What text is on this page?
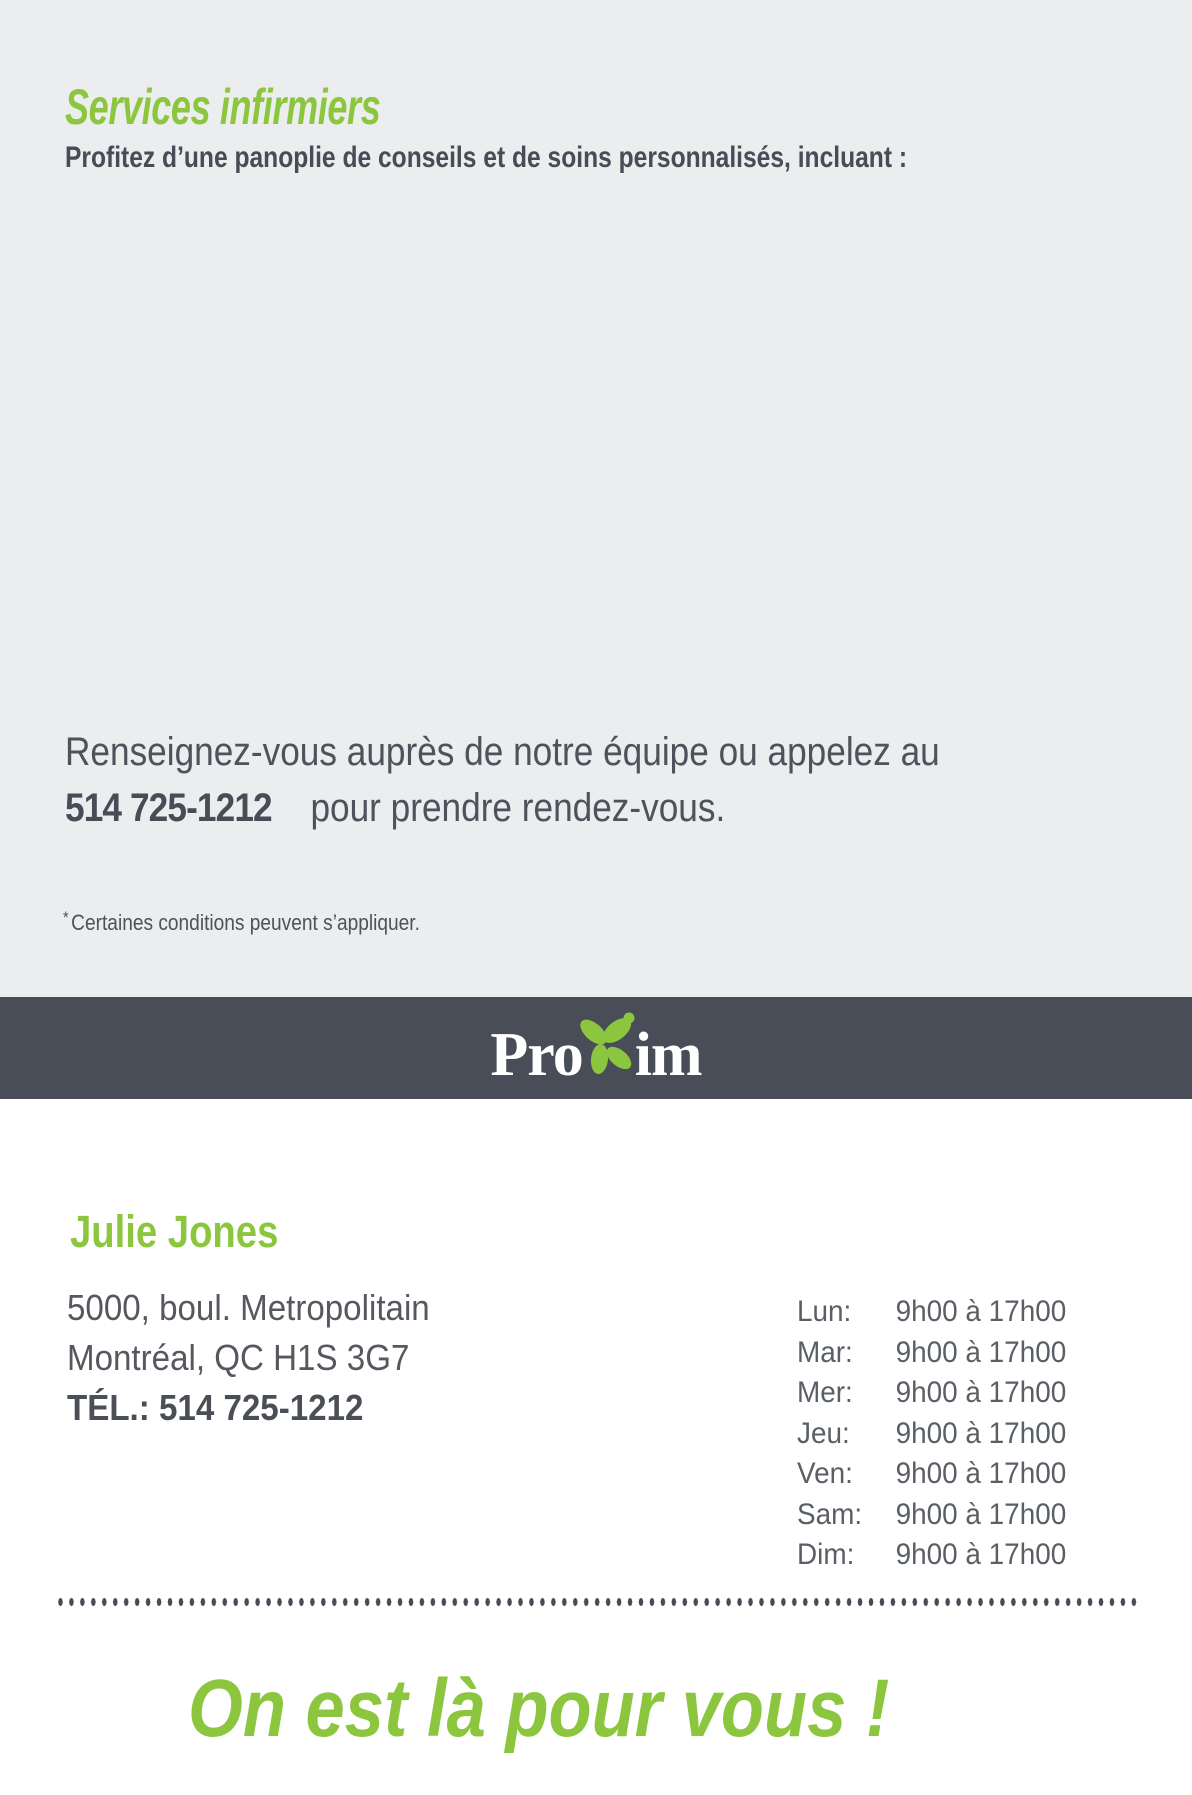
Services infirmiers
Profitez d’une panoplie de conseils et de soins personnalisés, incluant :
Renseignez-vous auprès de notre équipe ou appelez au
514 725-1212 pour prendre rendez-vous.
* Certaines conditions peuvent s’appliquer.
Pro im
Julie Jones
5000, boul. Metropolitain
Montréal, QC H1S 3G7
TÉL.: 514 725-1212
Lun: 9h00 à 17h00
Mar: 9h00 à 17h00
Mer: 9h00 à 17h00
Jeu: 9h00 à 17h00
Ven: 9h00 à 17h00
Sam: 9h00 à 17h00
Dim: 9h00 à 17h00
On est là pour vous !
